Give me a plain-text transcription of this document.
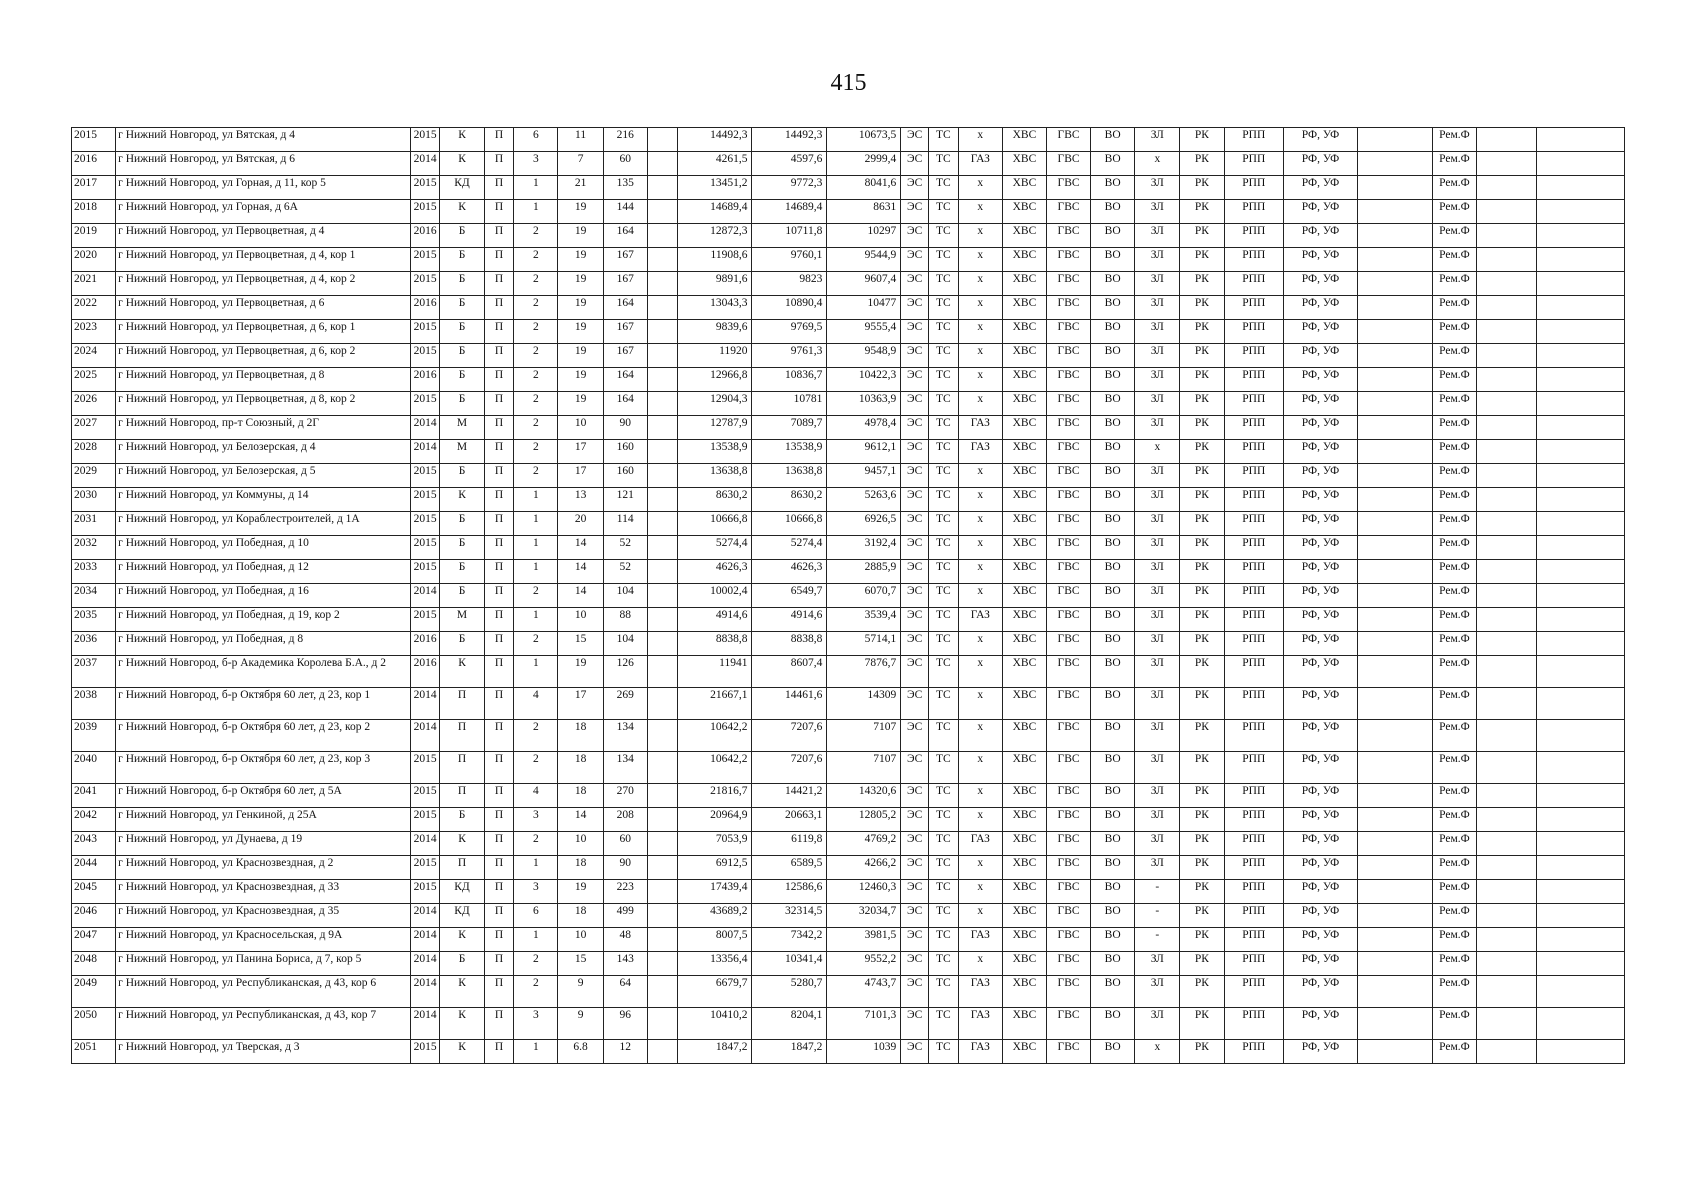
415
2015	г Нижний Новгород, ул Вятская, д 4	2015	К	П	6	11	216		14492,3	14492,3	10673,5	ЭС	ТС	х	ХВС	ГВС	ВО	ЗЛ	РК	РПП	РФ, УФ		Рем.Ф		
2016	г Нижний Новгород, ул Вятская, д 6	2014	К	П	3	7	60		4261,5	4597,6	2999,4	ЭС	ТС	ГАЗ	ХВС	ГВС	ВО	х	РК	РПП	РФ, УФ		Рем.Ф		
2017	г Нижний Новгород, ул Горная, д 11, кор 5	2015	КД	П	1	21	135		13451,2	9772,3	8041,6	ЭС	ТС	х	ХВС	ГВС	ВО	ЗЛ	РК	РПП	РФ, УФ		Рем.Ф		
2018	г Нижний Новгород, ул Горная, д 6А	2015	К	П	1	19	144		14689,4	14689,4	8631	ЭС	ТС	х	ХВС	ГВС	ВО	ЗЛ	РК	РПП	РФ, УФ		Рем.Ф		
2019	г Нижний Новгород, ул Первоцветная, д 4	2016	Б	П	2	19	164		12872,3	10711,8	10297	ЭС	ТС	х	ХВС	ГВС	ВО	ЗЛ	РК	РПП	РФ, УФ		Рем.Ф		
2020	г Нижний Новгород, ул Первоцветная, д 4, кор 1	2015	Б	П	2	19	167		11908,6	9760,1	9544,9	ЭС	ТС	х	ХВС	ГВС	ВО	ЗЛ	РК	РПП	РФ, УФ		Рем.Ф		
2021	г Нижний Новгород, ул Первоцветная, д 4, кор 2	2015	Б	П	2	19	167		9891,6	9823	9607,4	ЭС	ТС	х	ХВС	ГВС	ВО	ЗЛ	РК	РПП	РФ, УФ		Рем.Ф		
2022	г Нижний Новгород, ул Первоцветная, д 6	2016	Б	П	2	19	164		13043,3	10890,4	10477	ЭС	ТС	х	ХВС	ГВС	ВО	ЗЛ	РК	РПП	РФ, УФ		Рем.Ф		
2023	г Нижний Новгород, ул Первоцветная, д 6, кор 1	2015	Б	П	2	19	167		9839,6	9769,5	9555,4	ЭС	ТС	х	ХВС	ГВС	ВО	ЗЛ	РК	РПП	РФ, УФ		Рем.Ф		
2024	г Нижний Новгород, ул Первоцветная, д 6, кор 2	2015	Б	П	2	19	167		11920	9761,3	9548,9	ЭС	ТС	х	ХВС	ГВС	ВО	ЗЛ	РК	РПП	РФ, УФ		Рем.Ф		
2025	г Нижний Новгород, ул Первоцветная, д 8	2016	Б	П	2	19	164		12966,8	10836,7	10422,3	ЭС	ТС	х	ХВС	ГВС	ВО	ЗЛ	РК	РПП	РФ, УФ		Рем.Ф		
2026	г Нижний Новгород, ул Первоцветная, д 8, кор 2	2015	Б	П	2	19	164		12904,3	10781	10363,9	ЭС	ТС	х	ХВС	ГВС	ВО	ЗЛ	РК	РПП	РФ, УФ		Рем.Ф		
2027	г Нижний Новгород, пр-т Союзный, д 2Г	2014	М	П	2	10	90		12787,9	7089,7	4978,4	ЭС	ТС	ГАЗ	ХВС	ГВС	ВО	ЗЛ	РК	РПП	РФ, УФ		Рем.Ф		
2028	г Нижний Новгород, ул Белозерская, д 4	2014	М	П	2	17	160		13538,9	13538,9	9612,1	ЭС	ТС	ГАЗ	ХВС	ГВС	ВО	х	РК	РПП	РФ, УФ		Рем.Ф		
2029	г Нижний Новгород, ул Белозерская, д 5	2015	Б	П	2	17	160		13638,8	13638,8	9457,1	ЭС	ТС	х	ХВС	ГВС	ВО	ЗЛ	РК	РПП	РФ, УФ		Рем.Ф		
2030	г Нижний Новгород, ул Коммуны, д 14	2015	К	П	1	13	121		8630,2	8630,2	5263,6	ЭС	ТС	х	ХВС	ГВС	ВО	ЗЛ	РК	РПП	РФ, УФ		Рем.Ф		
2031	г Нижний Новгород, ул Кораблестроителей, д 1А	2015	Б	П	1	20	114		10666,8	10666,8	6926,5	ЭС	ТС	х	ХВС	ГВС	ВО	ЗЛ	РК	РПП	РФ, УФ		Рем.Ф		
2032	г Нижний Новгород, ул Победная, д 10	2015	Б	П	1	14	52		5274,4	5274,4	3192,4	ЭС	ТС	х	ХВС	ГВС	ВО	ЗЛ	РК	РПП	РФ, УФ		Рем.Ф		
2033	г Нижний Новгород, ул Победная, д 12	2015	Б	П	1	14	52		4626,3	4626,3	2885,9	ЭС	ТС	х	ХВС	ГВС	ВО	ЗЛ	РК	РПП	РФ, УФ		Рем.Ф		
2034	г Нижний Новгород, ул Победная, д 16	2014	Б	П	2	14	104		10002,4	6549,7	6070,7	ЭС	ТС	х	ХВС	ГВС	ВО	ЗЛ	РК	РПП	РФ, УФ		Рем.Ф		
2035	г Нижний Новгород, ул Победная, д 19, кор 2	2015	М	П	1	10	88		4914,6	4914,6	3539,4	ЭС	ТС	ГАЗ	ХВС	ГВС	ВО	ЗЛ	РК	РПП	РФ, УФ		Рем.Ф		
2036	г Нижний Новгород, ул Победная, д 8	2016	Б	П	2	15	104		8838,8	8838,8	5714,1	ЭС	ТС	х	ХВС	ГВС	ВО	ЗЛ	РК	РПП	РФ, УФ		Рем.Ф		
2037	г Нижний Новгород, б-р Академика Королева Б.А., д 2	2016	К	П	1	19	126		11941	8607,4	7876,7	ЭС	ТС	х	ХВС	ГВС	ВО	ЗЛ	РК	РПП	РФ, УФ		Рем.Ф		
2038	г Нижний Новгород, б-р Октября 60 лет, д 23, кор 1	2014	П	П	4	17	269		21667,1	14461,6	14309	ЭС	ТС	х	ХВС	ГВС	ВО	ЗЛ	РК	РПП	РФ, УФ		Рем.Ф		
2039	г Нижний Новгород, б-р Октября 60 лет, д 23, кор 2	2014	П	П	2	18	134		10642,2	7207,6	7107	ЭС	ТС	х	ХВС	ГВС	ВО	ЗЛ	РК	РПП	РФ, УФ		Рем.Ф		
2040	г Нижний Новгород, б-р Октября 60 лет, д 23, кор 3	2015	П	П	2	18	134		10642,2	7207,6	7107	ЭС	ТС	х	ХВС	ГВС	ВО	ЗЛ	РК	РПП	РФ, УФ		Рем.Ф		
2041	г Нижний Новгород, б-р Октября 60 лет, д 5А	2015	П	П	4	18	270		21816,7	14421,2	14320,6	ЭС	ТС	х	ХВС	ГВС	ВО	ЗЛ	РК	РПП	РФ, УФ		Рем.Ф		
2042	г Нижний Новгород, ул Генкиной, д 25А	2015	Б	П	3	14	208		20964,9	20663,1	12805,2	ЭС	ТС	х	ХВС	ГВС	ВО	ЗЛ	РК	РПП	РФ, УФ		Рем.Ф		
2043	г Нижний Новгород, ул Дунаева, д 19	2014	К	П	2	10	60		7053,9	6119,8	4769,2	ЭС	ТС	ГАЗ	ХВС	ГВС	ВО	ЗЛ	РК	РПП	РФ, УФ		Рем.Ф		
2044	г Нижний Новгород, ул Краснозвездная, д 2	2015	П	П	1	18	90		6912,5	6589,5	4266,2	ЭС	ТС	х	ХВС	ГВС	ВО	ЗЛ	РК	РПП	РФ, УФ		Рем.Ф		
2045	г Нижний Новгород, ул Краснозвездная, д 33	2015	КД	П	3	19	223		17439,4	12586,6	12460,3	ЭС	ТС	х	ХВС	ГВС	ВО	-	РК	РПП	РФ, УФ		Рем.Ф		
2046	г Нижний Новгород, ул Краснозвездная, д 35	2014	КД	П	6	18	499		43689,2	32314,5	32034,7	ЭС	ТС	х	ХВС	ГВС	ВО	-	РК	РПП	РФ, УФ		Рем.Ф		
2047	г Нижний Новгород, ул Красносельская, д 9А	2014	К	П	1	10	48		8007,5	7342,2	3981,5	ЭС	ТС	ГАЗ	ХВС	ГВС	ВО	-	РК	РПП	РФ, УФ		Рем.Ф		
2048	г Нижний Новгород, ул Панина Бориса, д 7, кор 5	2014	Б	П	2	15	143		13356,4	10341,4	9552,2	ЭС	ТС	х	ХВС	ГВС	ВО	ЗЛ	РК	РПП	РФ, УФ		Рем.Ф		
2049	г Нижний Новгород, ул Республиканская, д 43, кор 6	2014	К	П	2	9	64		6679,7	5280,7	4743,7	ЭС	ТС	ГАЗ	ХВС	ГВС	ВО	ЗЛ	РК	РПП	РФ, УФ		Рем.Ф		
2050	г Нижний Новгород, ул Республиканская, д 43, кор 7	2014	К	П	3	9	96		10410,2	8204,1	7101,3	ЭС	ТС	ГАЗ	ХВС	ГВС	ВО	ЗЛ	РК	РПП	РФ, УФ		Рем.Ф		
2051	г Нижний Новгород, ул Тверская, д 3	2015	К	П	1	6.8	12		1847,2	1847,2	1039	ЭС	ТС	ГАЗ	ХВС	ГВС	ВО	х	РК	РПП	РФ, УФ		Рем.Ф		
